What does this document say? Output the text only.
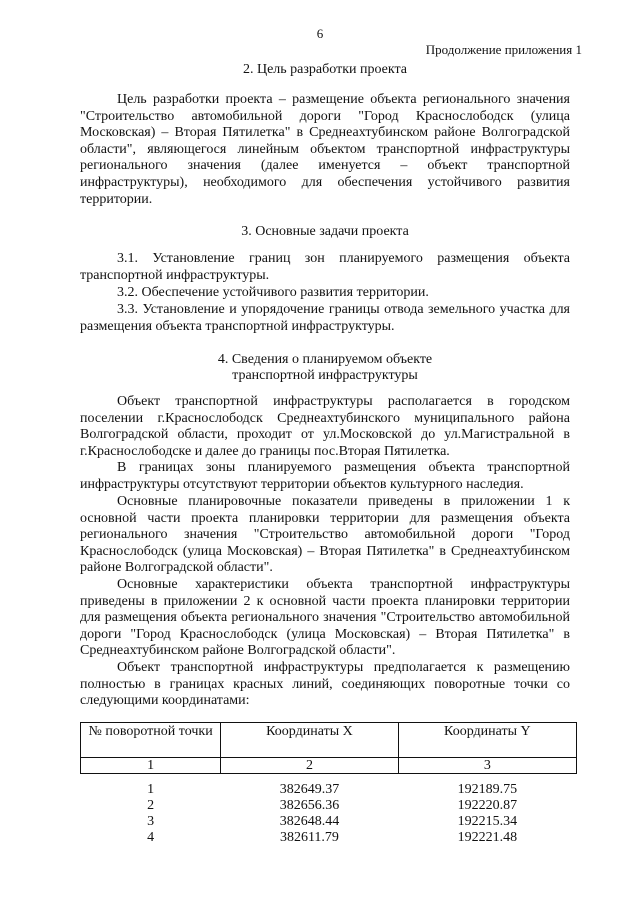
6
Продолжение приложения 1
2. Цель разработки проекта
Цель разработки проекта – размещение объекта регионального значения "Строительство автомобильной дороги "Город Краснослободск (улица Московская) – Вторая Пятилетка" в Среднеахтубинском районе Волгоградской области", являющегося линейным объектом транспортной инфраструктуры регионального значения (далее именуется – объект транспортной инфраструктуры), необходимого для обеспечения устойчивого развития территории.
3. Основные задачи проекта
3.1. Установление границ зон планируемого размещения объекта транспортной инфраструктуры.
3.2. Обеспечение устойчивого развития территории.
3.3. Установление и упорядочение границы отвода земельного участка для размещения объекта транспортной инфраструктуры.
4. Сведения о планируемом объекте
транспортной инфраструктуры
Объект транспортной инфраструктуры располагается в городском поселении г.Краснослободск Среднеахтубинского муниципального района Волгоградской области, проходит от ул.Московской до ул.Магистральной в г.Краснослободске и далее до границы пос.Вторая Пятилетка.
В границах зоны планируемого размещения объекта транспортной инфраструктуры отсутствуют территории объектов культурного наследия.
Основные планировочные показатели приведены в приложении 1 к основной части проекта планировки территории для размещения объекта регионального значения "Строительство автомобильной дороги "Город Краснослободск (улица Московская) – Вторая Пятилетка" в Среднеахтубинском районе Волгоградской области".
Основные характеристики объекта транспортной инфраструктуры приведены в приложении 2 к основной части проекта планировки территории для размещения объекта регионального значения "Строительство автомобильной дороги "Город Краснослободск (улица Московская) – Вторая Пятилетка" в Среднеахтубинском районе Волгоградской области".
Объект транспортной инфраструктуры предполагается к размещению полностью в границах красных линий, соединяющих поворотные точки со следующими координатами:
№ поворотной точки	Координаты X	Координаты Y
1	2	3
1	382649.37	192189.75
2	382656.36	192220.87
3	382648.44	192215.34
4	382611.79	192221.48
